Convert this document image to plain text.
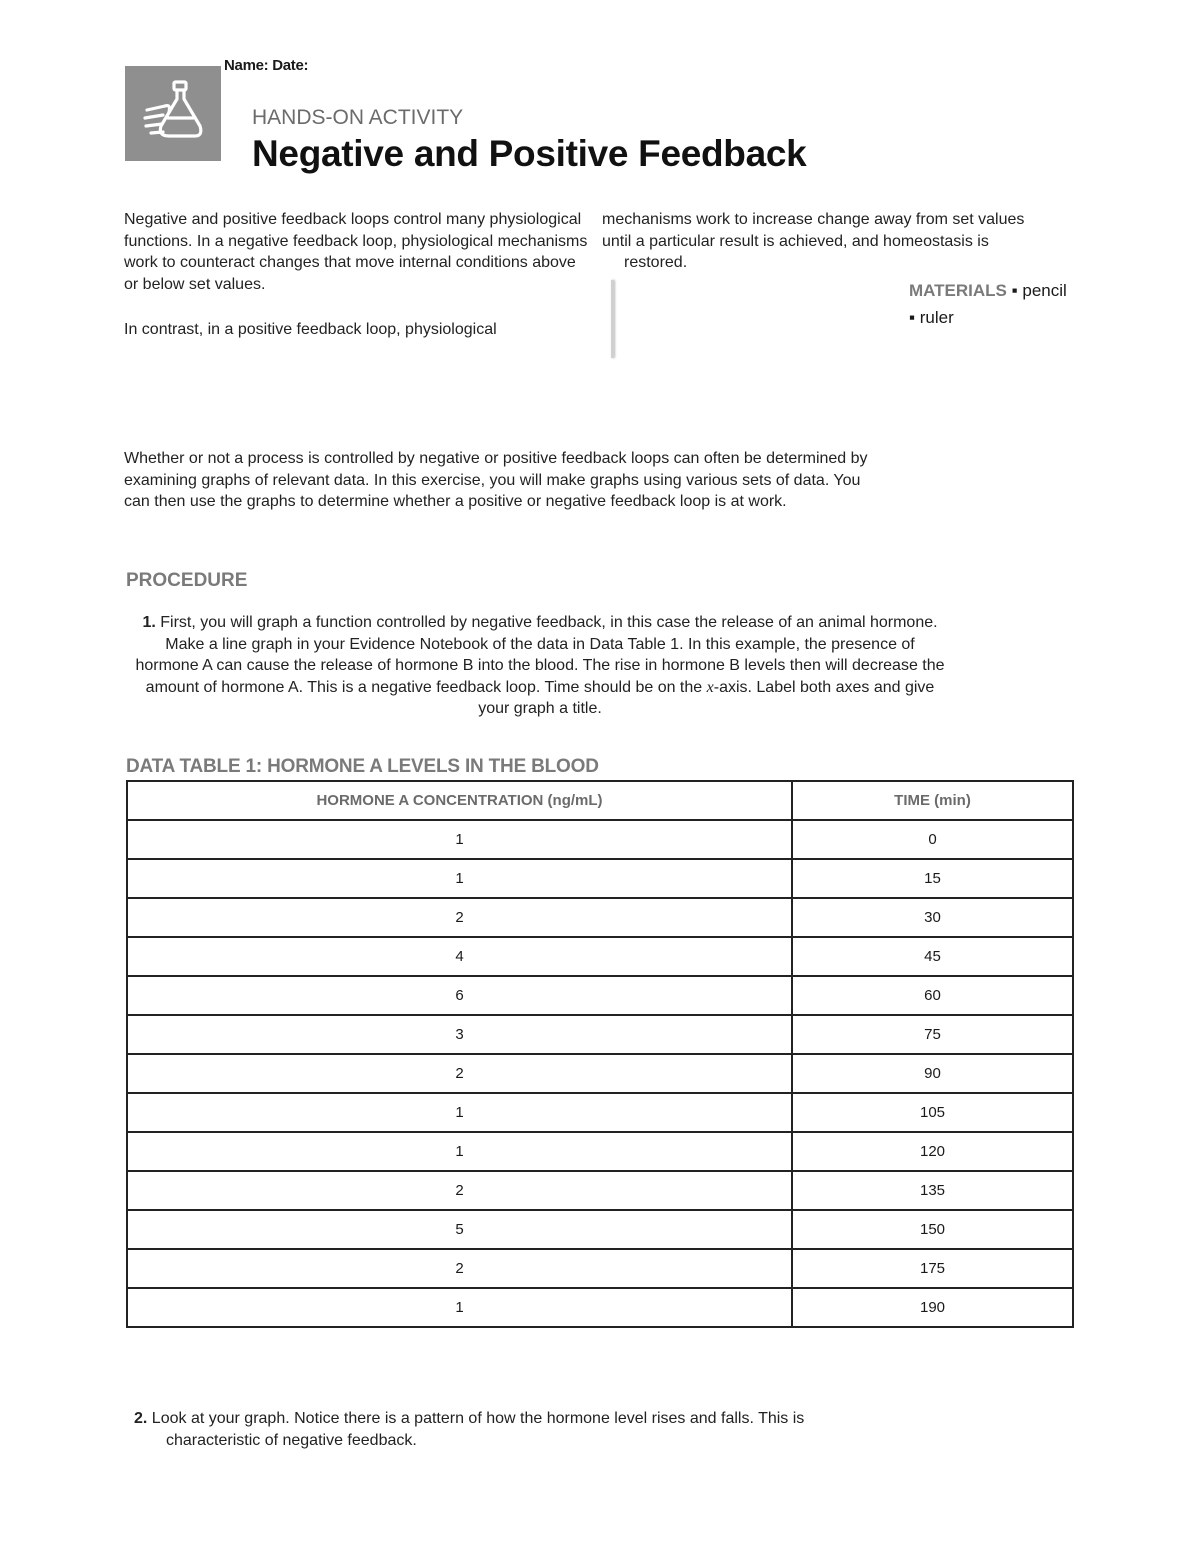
Name: Date:
HANDS-ON ACTIVITY
Negative and Positive Feedback

Negative and positive feedback loops control many physiological functions. In a negative feedback loop, physiological mechanisms work to counteract changes that move internal conditions above or below set values.

In contrast, in a positive feedback loop, physiological

mechanisms work to increase change away from set values
until a particular result is achieved, and homeostasis is
restored.
MATERIALS ▪ pencil
▪ ruler
Whether or not a process is controlled by negative or positive feedback loops can often be determined by examining graphs of relevant data. In this exercise, you will make graphs using various sets of data. You can then use the graphs to determine whether a positive or negative feedback loop is at work.
PROCEDURE
1. First, you will graph a function controlled by negative feedback, in this case the release of an animal hormone. Make a line graph in your Evidence Notebook of the data in Data Table 1. In this example, the presence of hormone A can cause the release of hormone B into the blood. The rise in hormone B levels then will decrease the amount of hormone A. This is a negative feedback loop. Time should be on the x-axis. Label both axes and give your graph a title.
DATA TABLE 1: HORMONE A LEVELS IN THE BLOOD
HORMONE A CONCENTRATION (ng/mL)	TIME (min)
1	0
1	15
2	30
4	45
6	60
3	75
2	90
1	105
1	120
2	135
5	150
2	175
1	190
2. Look at your graph. Notice there is a pattern of how the hormone level rises and falls. This is
characteristic of negative feedback.
